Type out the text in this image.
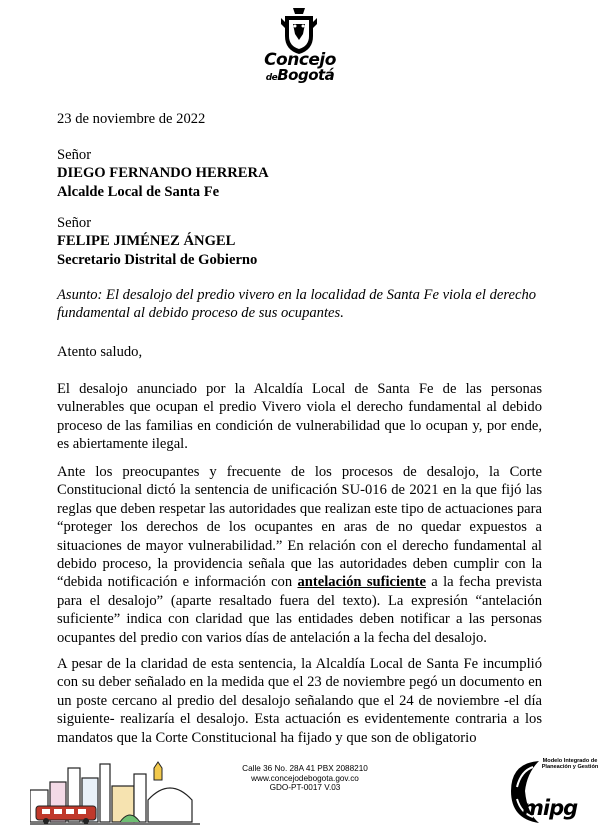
Concejo
deBogotá
23 de noviembre de 2022
Señor
DIEGO FERNANDO HERRERA
Alcalde Local de Santa Fe
Señor
FELIPE JIMÉNEZ ÁNGEL
Secretario Distrital de Gobierno

Asunto: El desalojo del predio vivero en la localidad de Santa Fe viola el derecho fundamental al debido proceso de sus ocupantes.

Atento saludo,

El desalojo anunciado por la Alcaldía Local de Santa Fe de las personas vulnerables que ocupan el predio Vivero viola el derecho fundamental al debido proceso de las familias en condición de vulnerabilidad que lo ocupan y, por ende, es abiertamente ilegal.

Ante los preocupantes y frecuente de los procesos de desalojo, la Corte Constitucional dictó la sentencia de unificación SU-016 de 2021 en la que fijó las reglas que deben respetar las autoridades que realizan este tipo de actuaciones para “proteger los derechos de los ocupantes en aras de no quedar expuestos a situaciones de mayor vulnerabilidad.” En relación con el derecho fundamental al debido proceso, la providencia señala que las autoridades deben cumplir con la “debida notificación e información con antelación suficiente a la fecha prevista para el desalojo” (aparte resaltado fuera del texto). La expresión “antelación suficiente” indica con claridad que las entidades deben notificar a las personas ocupantes del predio con varios días de antelación a la fecha del desalojo.

A pesar de la claridad de esta sentencia, la Alcaldía Local de Santa Fe incumplió con su deber señalado en la medida que el 23 de noviembre pegó un documento en un poste cercano al predio del desalojo señalando que el 24 de noviembre -el día siguiente- realizaría el desalojo. Esta actuación es evidentemente contraria a los mandatos que la Corte Constitucional ha fijado y que son de obligatorio

Calle 36 No. 28A 41 PBX 2088210
www.concejodebogota.gov.co
GDO-PT-0017 V.03
Modelo Integrado de Planeación y Gestión
mipg
